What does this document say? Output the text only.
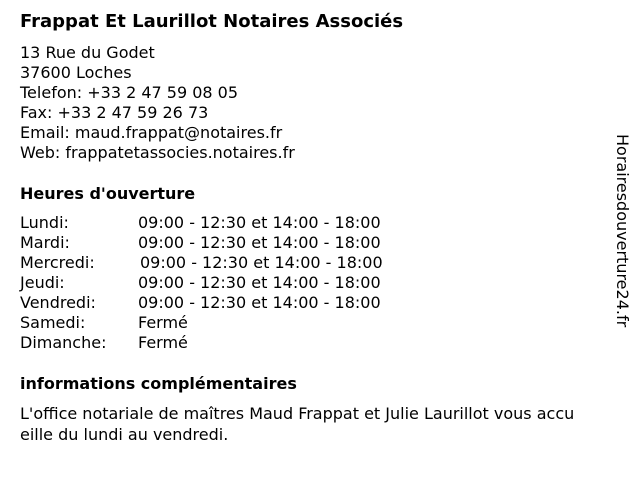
Frappat Et Laurillot Notaires Associés
13 Rue du Godet
37600 Loches
Telefon: +33 2 47 59 08 05
Fax: +33 2 47 59 26 73
Email: maud.frappat@notaires.fr
Web: frappatetassocies.notaires.fr
Heures d'ouverture
Lundi:	09:00 - 12:30 et 14:00 - 18:00
Mardi:	09:00 - 12:30 et 14:00 - 18:00
Mercredi:	09:00 - 12:30 et 14:00 - 18:00
Jeudi:	09:00 - 12:30 et 14:00 - 18:00
Vendredi:	09:00 - 12:30 et 14:00 - 18:00
Samedi:	Fermé
Dimanche: Fermé
informations complémentaires
L'office notariale de maîtres Maud Frappat et Julie Laurillot vous accueille du lundi au vendredi.
Horairesdouverture24.fr
